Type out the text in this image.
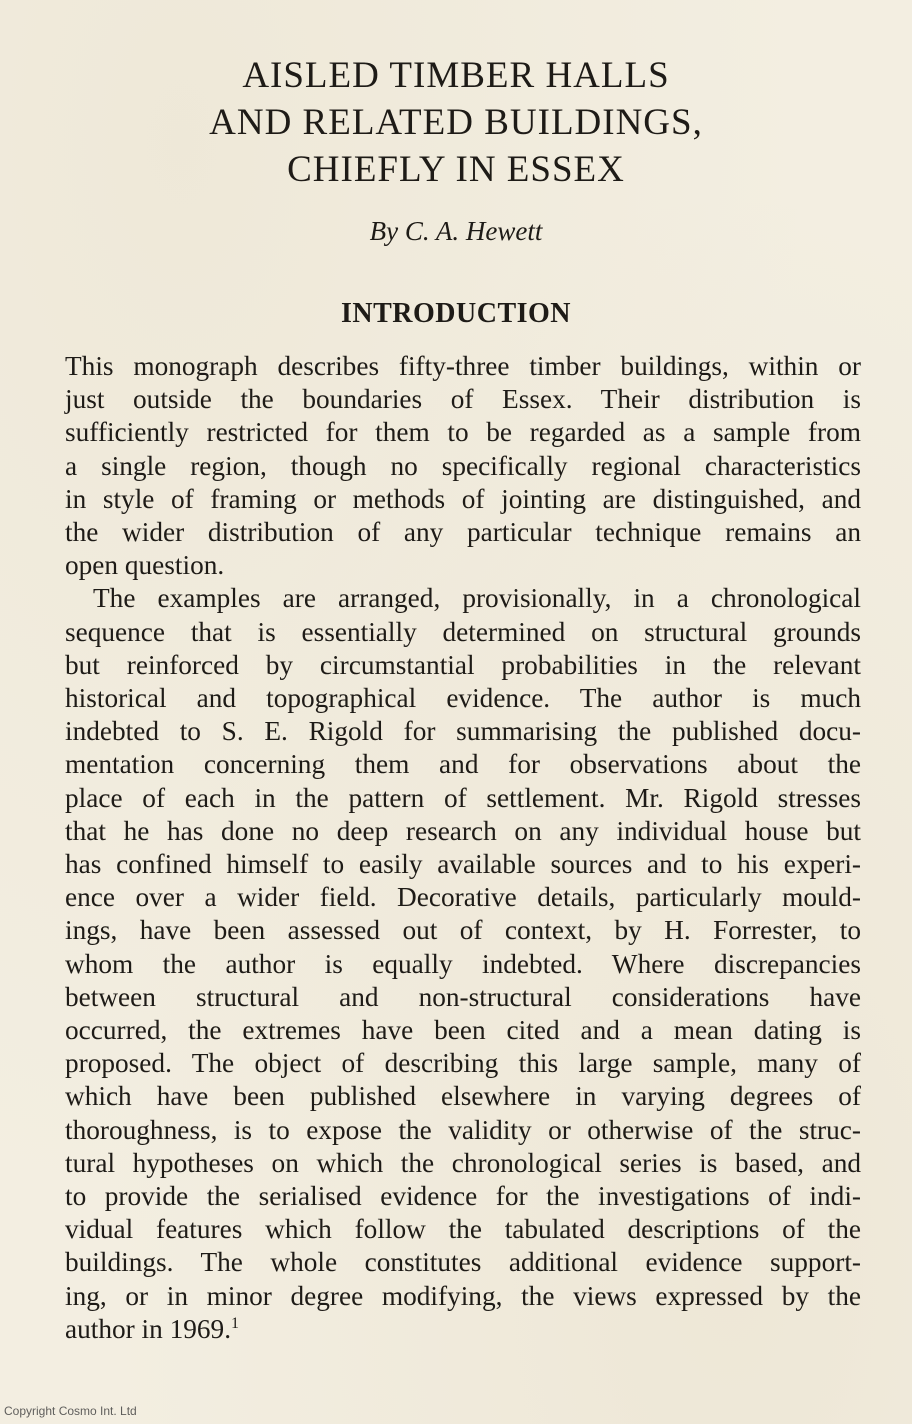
AISLED TIMBER HALLS
AND RELATED BUILDINGS,
CHIEFLY IN ESSEX

By C. A. Hewett

INTRODUCTION

This monograph describes fifty-three timber buildings, within or
just outside the boundaries of Essex. Their distribution is
sufficiently restricted for them to be regarded as a sample from
a single region, though no specifically regional characteristics
in style of framing or methods of jointing are distinguished, and
the wider distribution of any particular technique remains an
open question.

The examples are arranged, provisionally, in a chronological
sequence that is essentially determined on structural grounds
but reinforced by circumstantial probabilities in the relevant
historical and topographical evidence. The author is much
indebted to S. E. Rigold for summarising the published docu-
mentation concerning them and for observations about the
place of each in the pattern of settlement. Mr. Rigold stresses
that he has done no deep research on any individual house but
has confined himself to easily available sources and to his experi-
ence over a wider field. Decorative details, particularly mould-
ings, have been assessed out of context, by H. Forrester, to
whom the author is equally indebted. Where discrepancies
between structural and non-structural considerations have
occurred, the extremes have been cited and a mean dating is
proposed. The object of describing this large sample, many of
which have been published elsewhere in varying degrees of
thoroughness, is to expose the validity or otherwise of the struc-
tural hypotheses on which the chronological series is based, and
to provide the serialised evidence for the investigations of indi-
vidual features which follow the tabulated descriptions of the
buildings. The whole constitutes additional evidence support-
ing, or in minor degree modifying, the views expressed by the
author in 1969.$^1$

Copyright Cosmo Int. Ltd
